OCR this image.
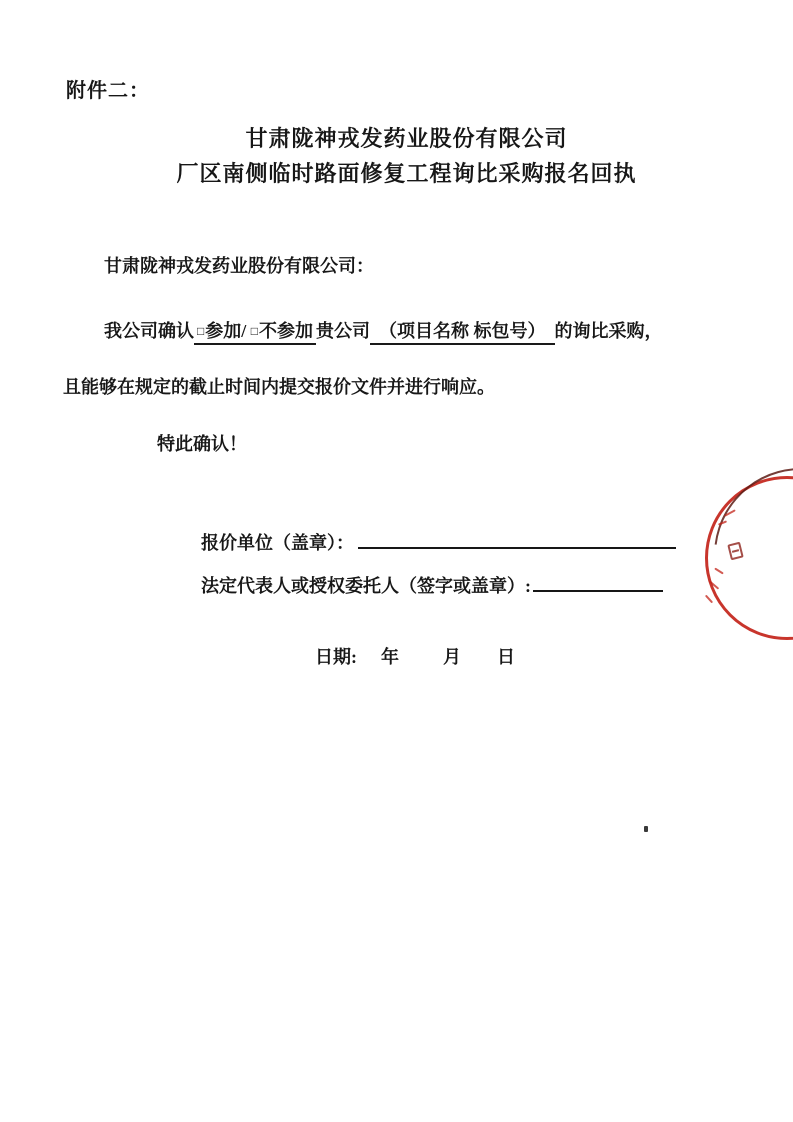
附件二：
甘肃陇神戎发药业股份有限公司
厂区南侧临时路面修复工程询比采购报名回执
甘肃陇神戎发药业股份有限公司：
我公司确认 □参加/ □不参加 贵公司 （项目名称 标包号） 的询比采购，
且能够在规定的截止时间内提交报价文件并进行响应。
特此确认！
报价单位（盖章）：
法定代表人或授权委托人（签字或盖章）:
日期: 年 月 日
